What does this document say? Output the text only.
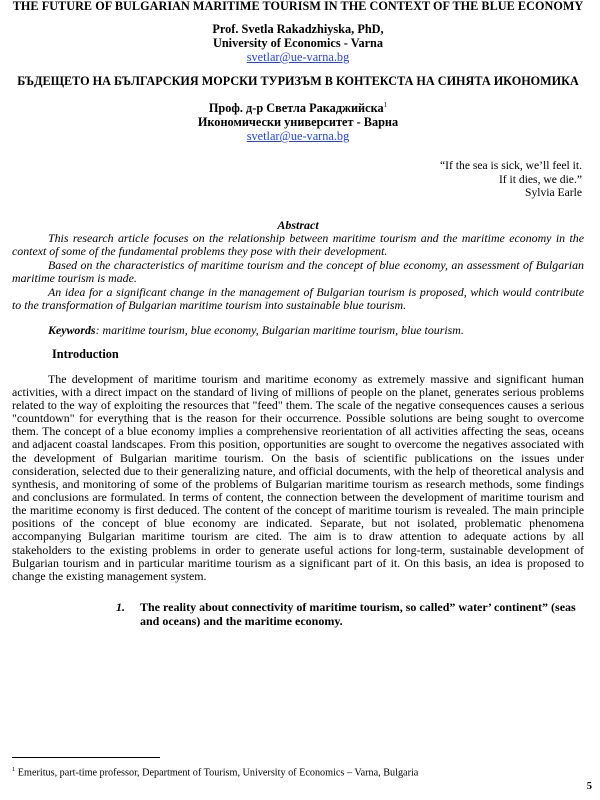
THE FUTURE OF BULGARIAN MARITIME TOURISM IN THE CONTEXT OF THE BLUE ECONOMY
Prof. Svetla Rakadzhiyska, PhD,
University of Economics - Varna
svetlar@ue-varna.bg
БЪДЕЩЕТО НА БЪЛГАРСКИЯ МОРСКИ ТУРИЗЪМ В КОНТЕКСТА НА СИНЯТА ИКОНОМИКА
Проф. д-р Светла Ракаджийска$^1$
Икономически университет - Варна
svetlar@ue-varna.bg
“If the sea is sick, we’ll feel it.
If it dies, we die.”
Sylvia Earle
Abstract

This research article focuses on the relationship between maritime tourism and the maritime economy in the context of some of the fundamental problems they pose with their development.

Based on the characteristics of maritime tourism and the concept of blue economy, an assessment of Bulgarian maritime tourism is made.

An idea for a significant change in the management of Bulgarian tourism is proposed, which would contribute to the transformation of Bulgarian maritime tourism into sustainable blue tourism.

Keywords: maritime tourism, blue economy, Bulgarian maritime tourism, blue tourism.
Introduction
The development of maritime tourism and maritime economy as extremely massive and significant human activities, with a direct impact on the standard of living of millions of people on the planet, generates serious problems related to the way of exploiting the resources that "feed" them. The scale of the negative consequences causes a serious "countdown" for everything that is the reason for their occurrence. Possible solutions are being sought to overcome them. The concept of a blue economy implies a comprehensive reorientation of all activities affecting the seas, oceans and adjacent coastal landscapes. From this position, opportunities are sought to overcome the negatives associated with the development of Bulgarian maritime tourism. On the basis of scientific publications on the issues under consideration, selected due to their generalizing nature, and official documents, with the help of theoretical analysis and synthesis, and monitoring of some of the problems of Bulgarian maritime tourism as research methods, some findings and conclusions are formulated. In terms of content, the connection between the development of maritime tourism and the maritime economy is first deduced. The content of the concept of maritime tourism is revealed. The main principle positions of the concept of blue economy are indicated. Separate, but not isolated, problematic phenomena accompanying Bulgarian maritime tourism are cited. The aim is to draw attention to adequate actions by all stakeholders to the existing problems in order to generate useful actions for long-term, sustainable development of Bulgarian tourism and in particular maritime tourism as a significant part of it. On this basis, an idea is proposed to change the existing management system.
1.	The reality about connectivity of maritime tourism, so called” water’ continent” (seas and oceans) and the maritime economy.
$^1$ Emeritus, part-time professor, Department of Tourism, University of Economics – Varna, Bulgaria
5
